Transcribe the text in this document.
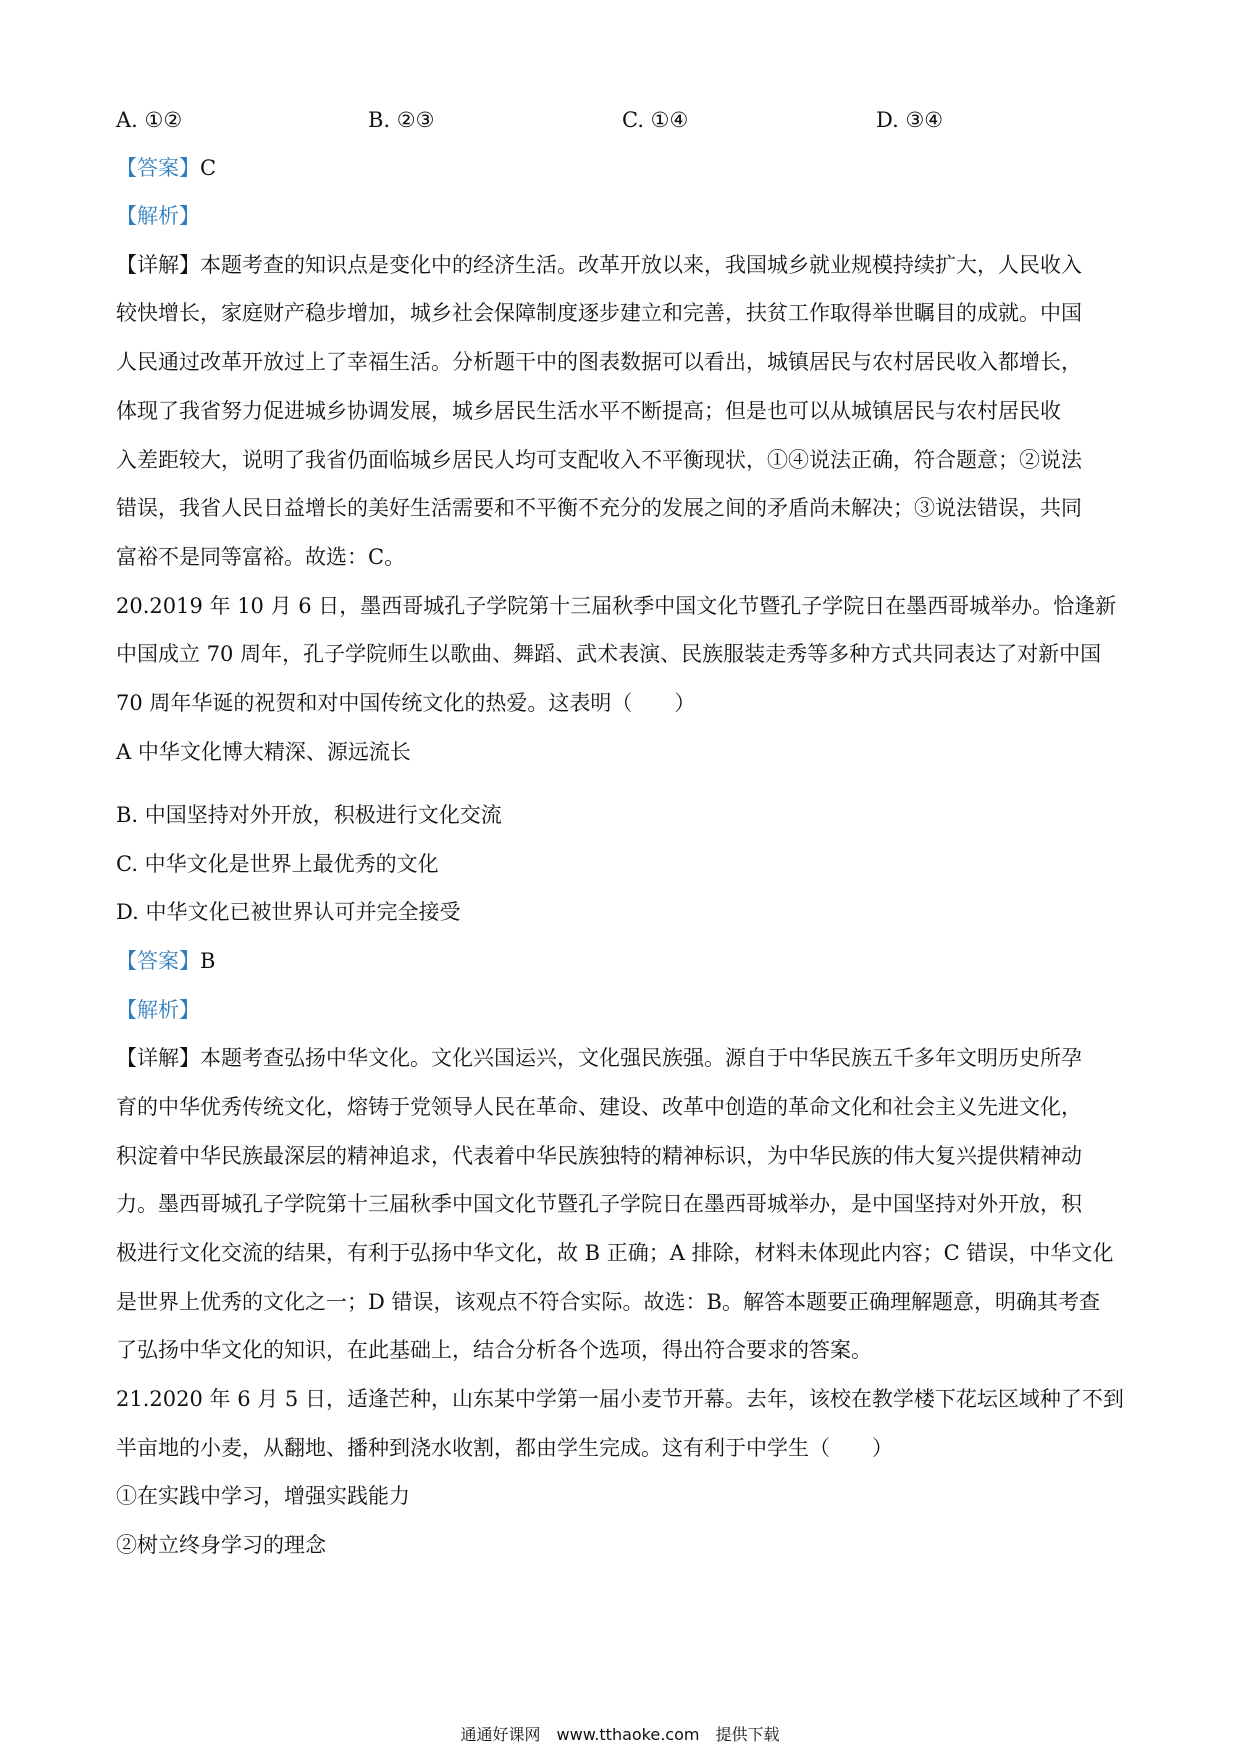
A. ①②	B. ②③	C. ①④	D. ③④
【答案】C
【解析】
【详解】本题考查的知识点是变化中的经济生活。改革开放以来，我国城乡就业规模持续扩大，人民收入
较快增长，家庭财产稳步增加，城乡社会保障制度逐步建立和完善，扶贫工作取得举世瞩目的成就。中国
人民通过改革开放过上了幸福生活。分析题干中的图表数据可以看出，城镇居民与农村居民收入都增长，
体现了我省努力促进城乡协调发展，城乡居民生活水平不断提高；但是也可以从城镇居民与农村居民收
入差距较大，说明了我省仍面临城乡居民人均可支配收入不平衡现状，①④说法正确，符合题意；②说法
错误，我省人民日益增长的美好生活需要和不平衡不充分的发展之间的矛盾尚未解决；③说法错误，共同
富裕不是同等富裕。故选：C。
20.2019 年 10 月 6 日，墨西哥城孔子学院第十三届秋季中国文化节暨孔子学院日在墨西哥城举办。恰逢新
中国成立 70 周年，孔子学院师生以歌曲、舞蹈、武术表演、民族服装走秀等多种方式共同表达了对新中国
70 周年华诞的祝贺和对中国传统文化的热爱。这表明（　　）
A 中华文化博大精深、源远流长
B. 中国坚持对外开放，积极进行文化交流
C. 中华文化是世界上最优秀的文化
D. 中华文化已被世界认可并完全接受
【答案】B
【解析】
【详解】本题考查弘扬中华文化。文化兴国运兴，文化强民族强。源自于中华民族五千多年文明历史所孕
育的中华优秀传统文化，熔铸于党领导人民在革命、建设、改革中创造的革命文化和社会主义先进文化，
积淀着中华民族最深层的精神追求，代表着中华民族独特的精神标识，为中华民族的伟大复兴提供精神动
力。墨西哥城孔子学院第十三届秋季中国文化节暨孔子学院日在墨西哥城举办，是中国坚持对外开放，积
极进行文化交流的结果，有利于弘扬中华文化，故 B 正确；A 排除，材料未体现此内容；C 错误，中华文化
是世界上优秀的文化之一；D 错误，该观点不符合实际。故选：B。解答本题要正确理解题意，明确其考查
了弘扬中华文化的知识，在此基础上，结合分析各个选项，得出符合要求的答案。
21.2020 年 6 月 5 日，适逢芒种，山东某中学第一届小麦节开幕。去年，该校在教学楼下花坛区域种了不到
半亩地的小麦，从翻地、播种到浇水收割，都由学生完成。这有利于中学生（　　）
①在实践中学习，增强实践能力
②树立终身学习的理念
通通好课网　www.tthaoke.com　提供下载
